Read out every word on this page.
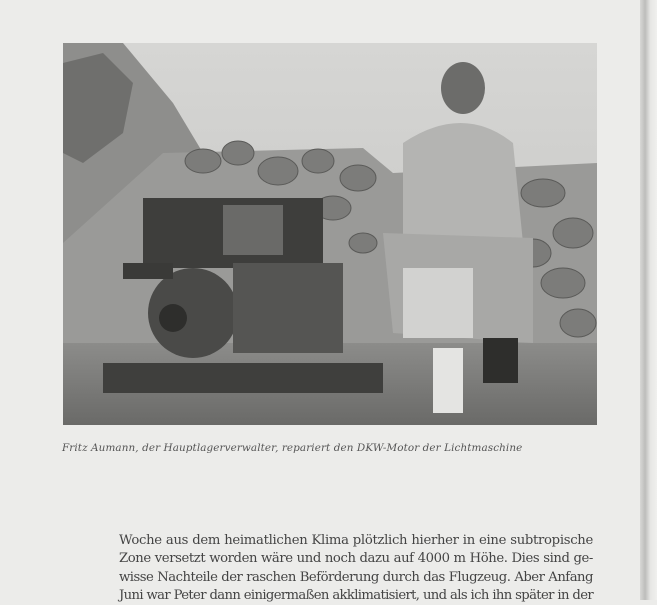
Fritz Aumann, der Hauptlagerverwalter, repariert den DKW-Motor der Lichtmaschine
Woche aus dem heimatlichen Klima plötzlich hierher in eine subtropische
Zone versetzt worden wäre und noch dazu auf 4000 m Höhe. Dies sind ge-
wisse Nachteile der raschen Beförderung durch das Flugzeug. Aber Anfang
Juni war Peter dann einigermaßen akklimatisiert, und als ich ihn später in der
